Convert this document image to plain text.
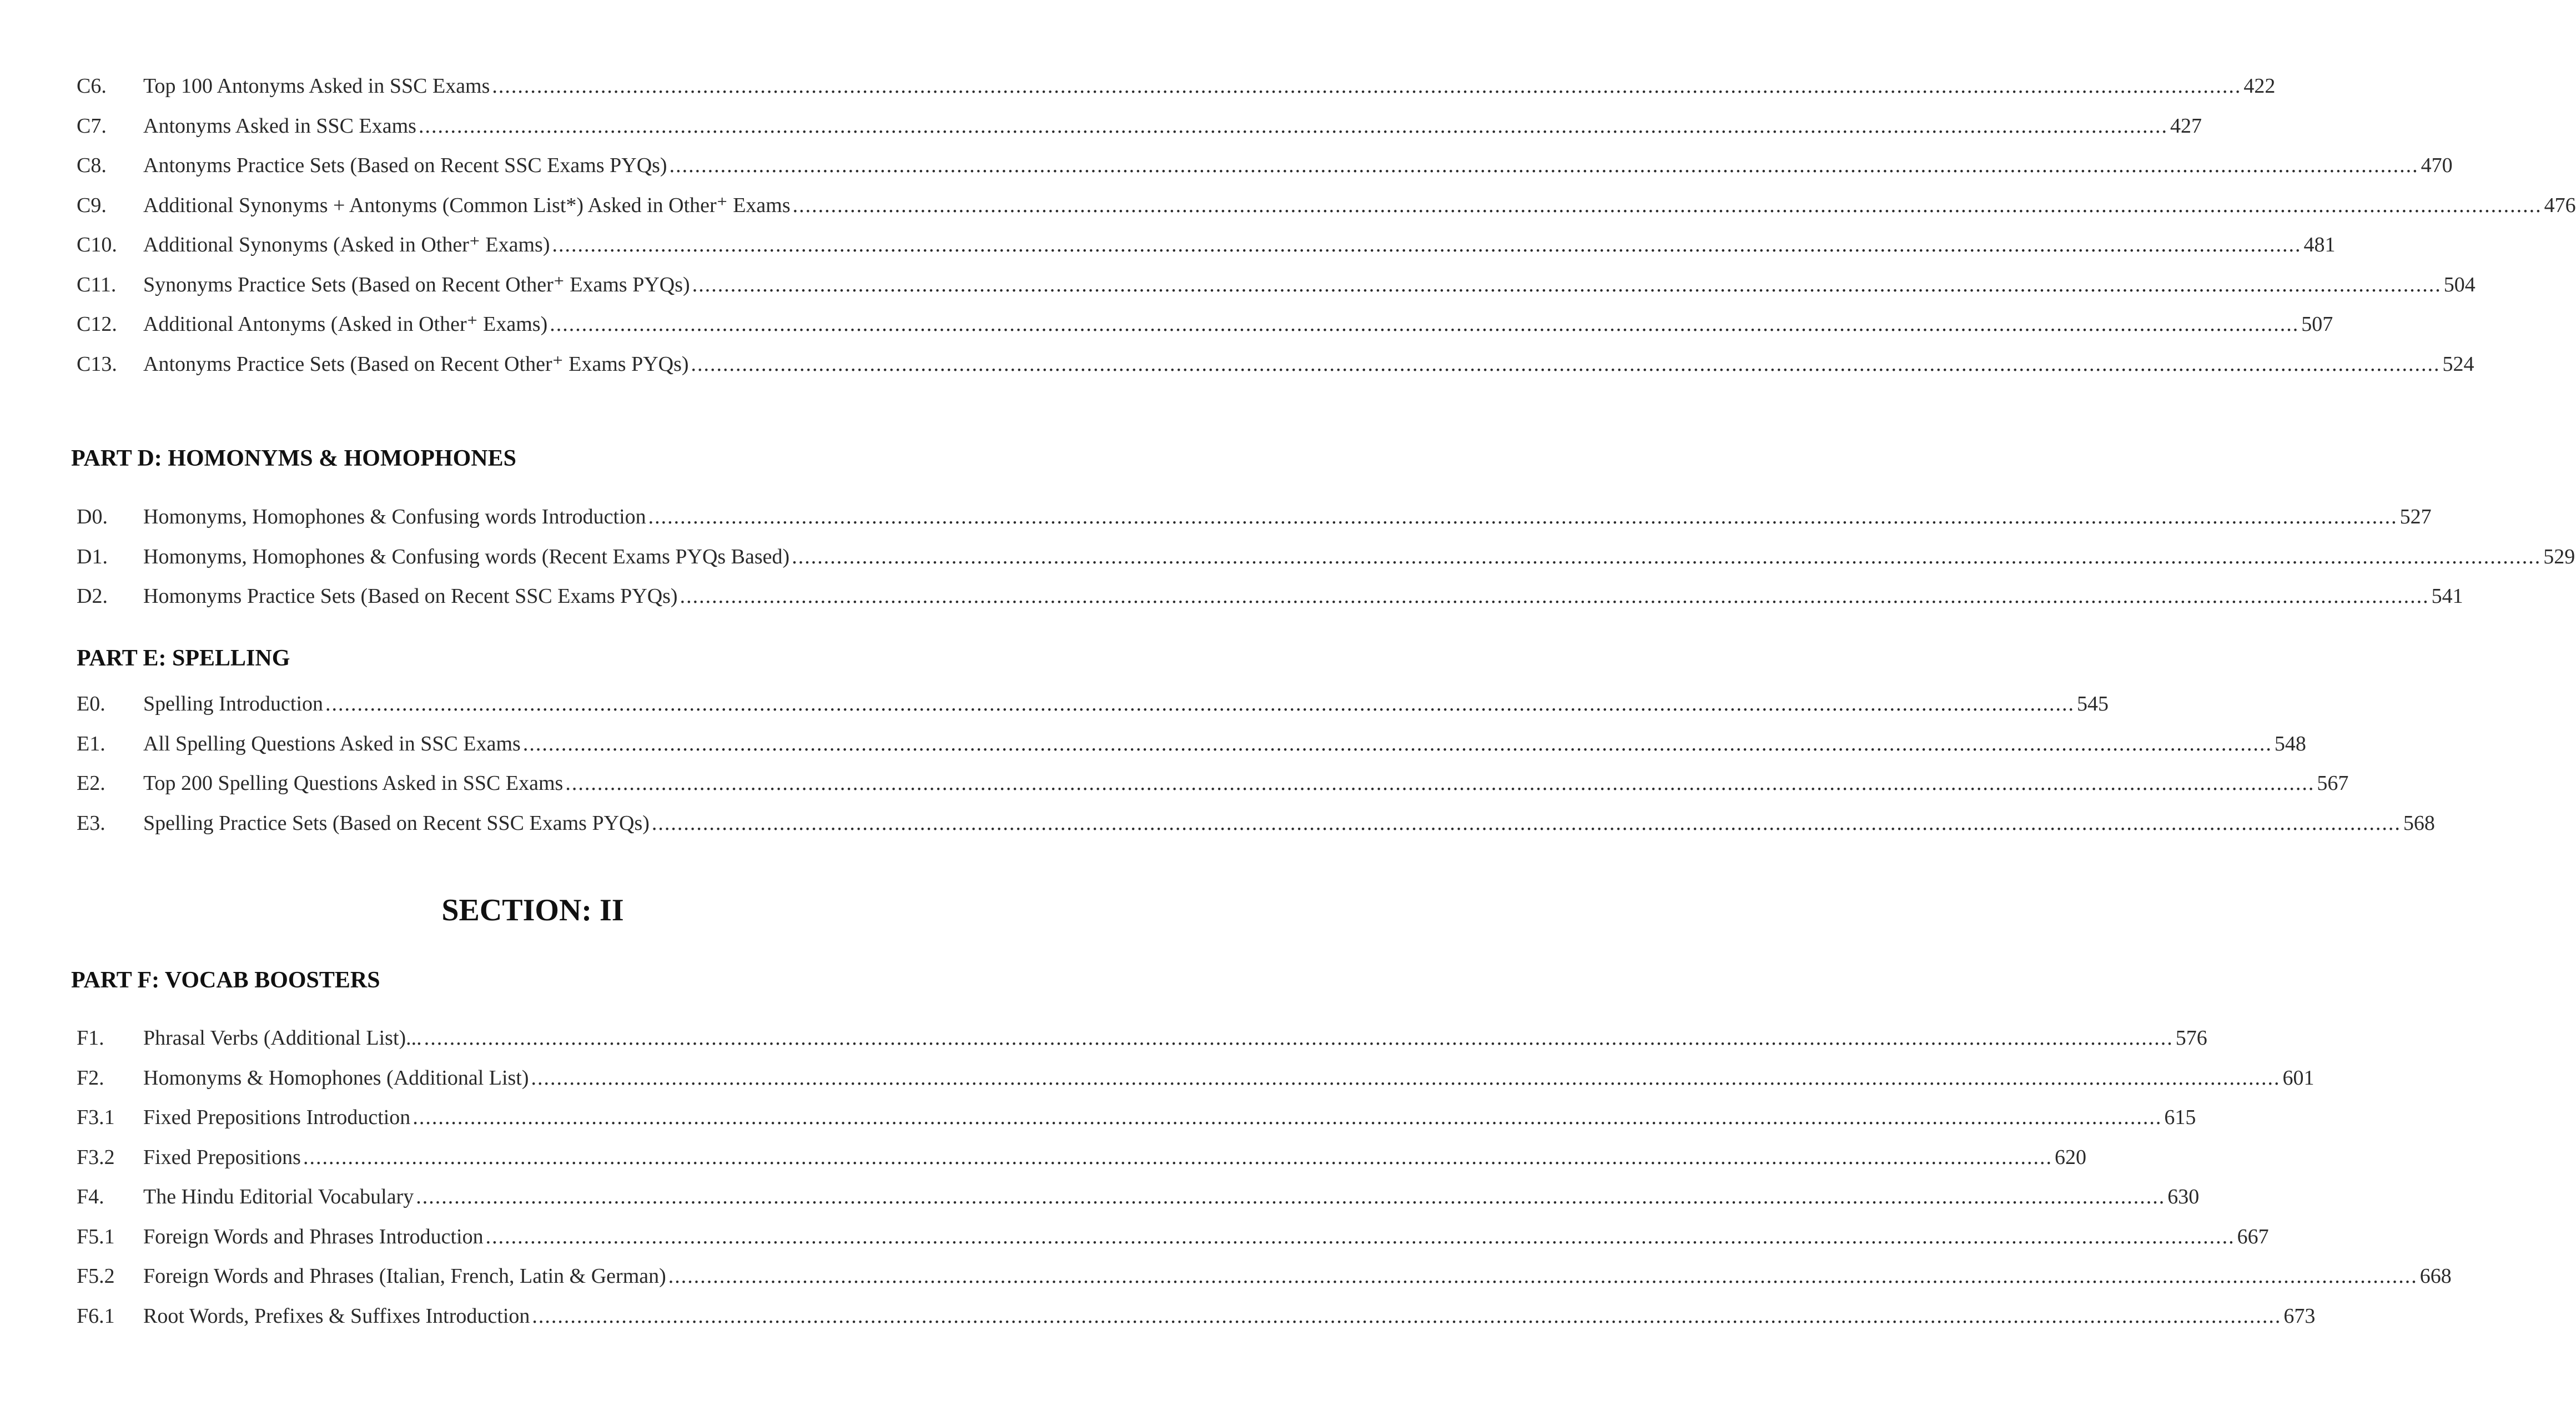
C6.	Top 100 Antonyms Asked in SSC Exams .....	422
C7.	Antonyms Asked in SSC Exams .....	427
C8.	Antonyms Practice Sets (Based on Recent SSC Exams PYQs) .....	470
C9.	Additional Synonyms + Antonyms (Common List*) Asked in Other⁺ Exams .....	476
C10.	Additional Synonyms (Asked in Other⁺ Exams) .....	481
C11.	Synonyms Practice Sets (Based on Recent Other⁺ Exams PYQs) .....	504
C12.	Additional Antonyms (Asked in Other⁺ Exams) .....	507
C13.	Antonyms Practice Sets (Based on Recent Other⁺ Exams PYQs) .....	524
PART D: HOMONYMS & HOMOPHONES
D0.	Homonyms, Homophones & Confusing words Introduction .....	527
D1.	Homonyms, Homophones & Confusing words (Recent Exams PYQs Based) .....	529
D2.	Homonyms Practice Sets (Based on Recent SSC Exams PYQs) .....	541
PART E: SPELLING
E0.	Spelling Introduction .....	545
E1.	All Spelling Questions Asked in SSC Exams .....	548
E2.	Top 200 Spelling Questions Asked in SSC Exams .....	567
E3.	Spelling Practice Sets (Based on Recent SSC Exams PYQs) .....	568
SECTION: II
PART F: VOCAB BOOSTERS
F1.	Phrasal Verbs (Additional List)... .....	576
F2.	Homonyms & Homophones (Additional List) .....	601
F3.1	Fixed Prepositions Introduction .....	615
F3.2	Fixed Prepositions .....	620
F4.	The Hindu Editorial Vocabulary .....	630
F5.1	Foreign Words and Phrases Introduction .....	667
F5.2	Foreign Words and Phrases (Italian, French, Latin & German) .....	668
F6.1	Root Words, Prefixes & Suffixes Introduction .....	673
